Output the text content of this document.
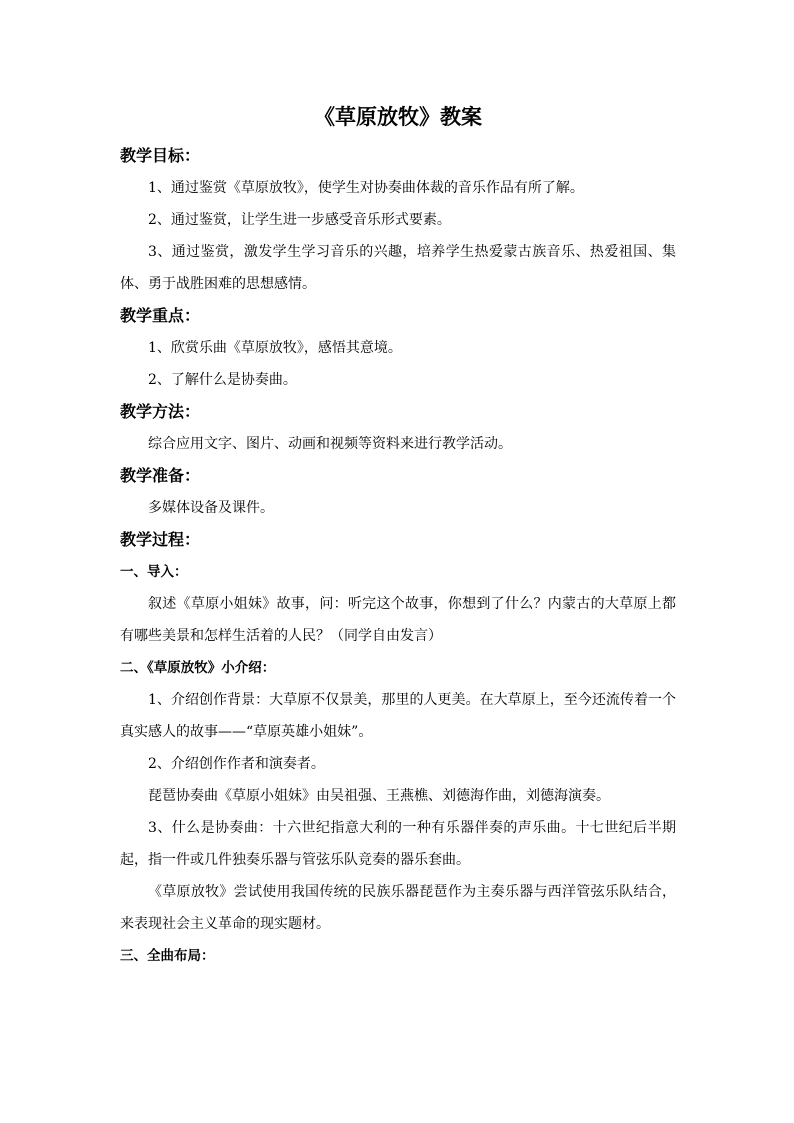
《草原放牧》教案
教学目标：

1、通过鉴赏《草原放牧》，使学生对协奏曲体裁的音乐作品有所了解。

2、通过鉴赏，让学生进一步感受音乐形式要素。

3、通过鉴赏，激发学生学习音乐的兴趣，培养学生热爱蒙古族音乐、热爱祖国、集体、勇于战胜困难的思想感情。

教学重点：

1、欣赏乐曲《草原放牧》，感悟其意境。

2、了解什么是协奏曲。

教学方法：

综合应用文字、图片、动画和视频等资料来进行教学活动。

教学准备：

多媒体设备及课件。

教学过程：
一、导入：

叙述《草原小姐妹》故事，问：听完这个故事，你想到了什么？内蒙古的大草原上都有哪些美景和怎样生活着的人民？（同学自由发言）

二、《草原放牧》小介绍：

1、介绍创作背景：大草原不仅景美，那里的人更美。在大草原上，至今还流传着一个真实感人的故事——“草原英雄小姐妹”。

2、介绍创作作者和演奏者。

琵琶协奏曲《草原小姐妹》由吴祖强、王燕樵、刘德海作曲，刘德海演奏。

3、什么是协奏曲：十六世纪指意大利的一种有乐器伴奏的声乐曲。十七世纪后半期起，指一件或几件独奏乐器与管弦乐队竞奏的器乐套曲。

《草原放牧》尝试使用我国传统的民族乐器琵琶作为主奏乐器与西洋管弦乐队结合，来表现社会主义革命的现实题材。

三、全曲布局：
